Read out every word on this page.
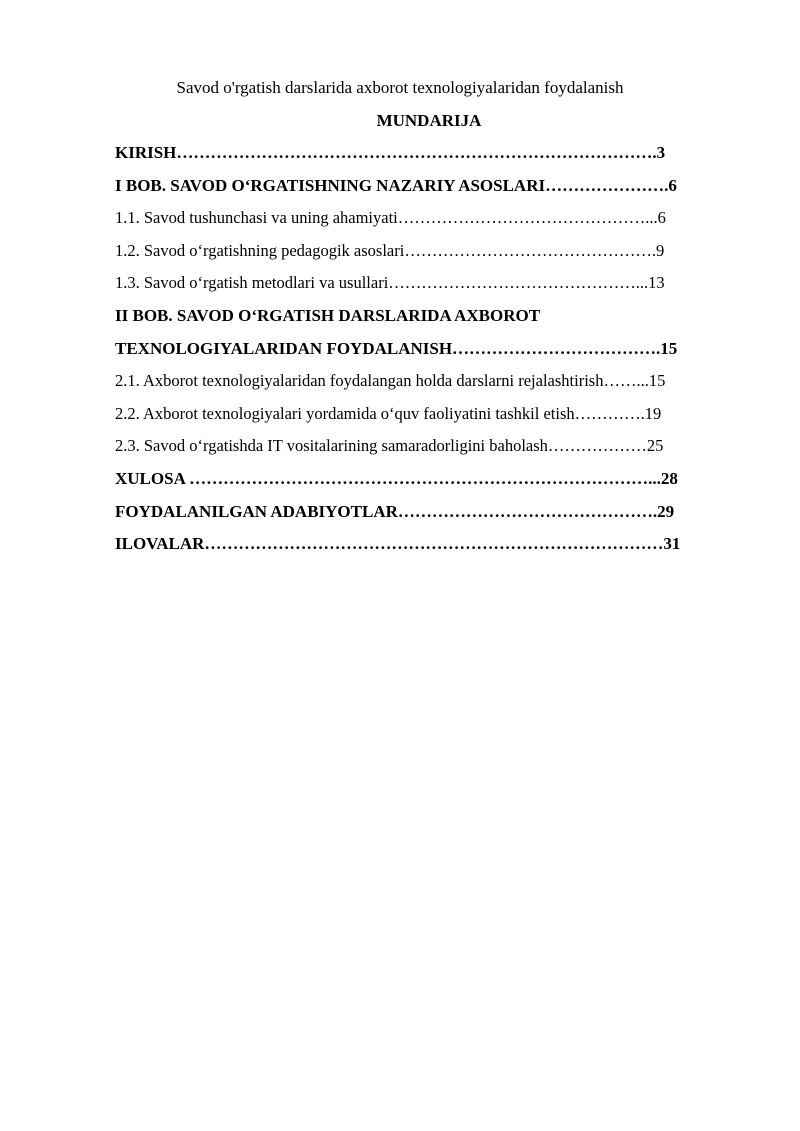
Savod o'rgatish darslarida axborot texnologiyalaridan foydalanish
MUNDARIJA
KIRISH………………………………………………………………………….3
I BOB. SAVOD O‘RGATISHNING NAZARIY ASOSLARI………………….6
1.1. Savod tushunchasi va uning ahamiyati………………………………………...6
1.2. Savod o‘rgatishning pedagogik asoslari……………………………………….9
1.3. Savod o‘rgatish metodlari va usullari………………………………………...13
II BOB. SAVOD O‘RGATISH DARSLARIDA AXBOROT
TEXNOLOGIYALARIDAN FOYDALANISH……………………………….15
2.1. Axborot texnologiyalaridan foydalangan holda darslarni rejalashtirish……...15
2.2. Axborot texnologiyalari yordamida o‘quv faoliyatini tashkil etish………….19
2.3. Savod o‘rgatishda IT vositalarining samaradorligini baholash………………25
XULOSA ………………………………………………………………………...28
FOYDALANILGAN ADABIYOTLAR……………………………………….29
ILOVALAR………………………………………………………………………31
